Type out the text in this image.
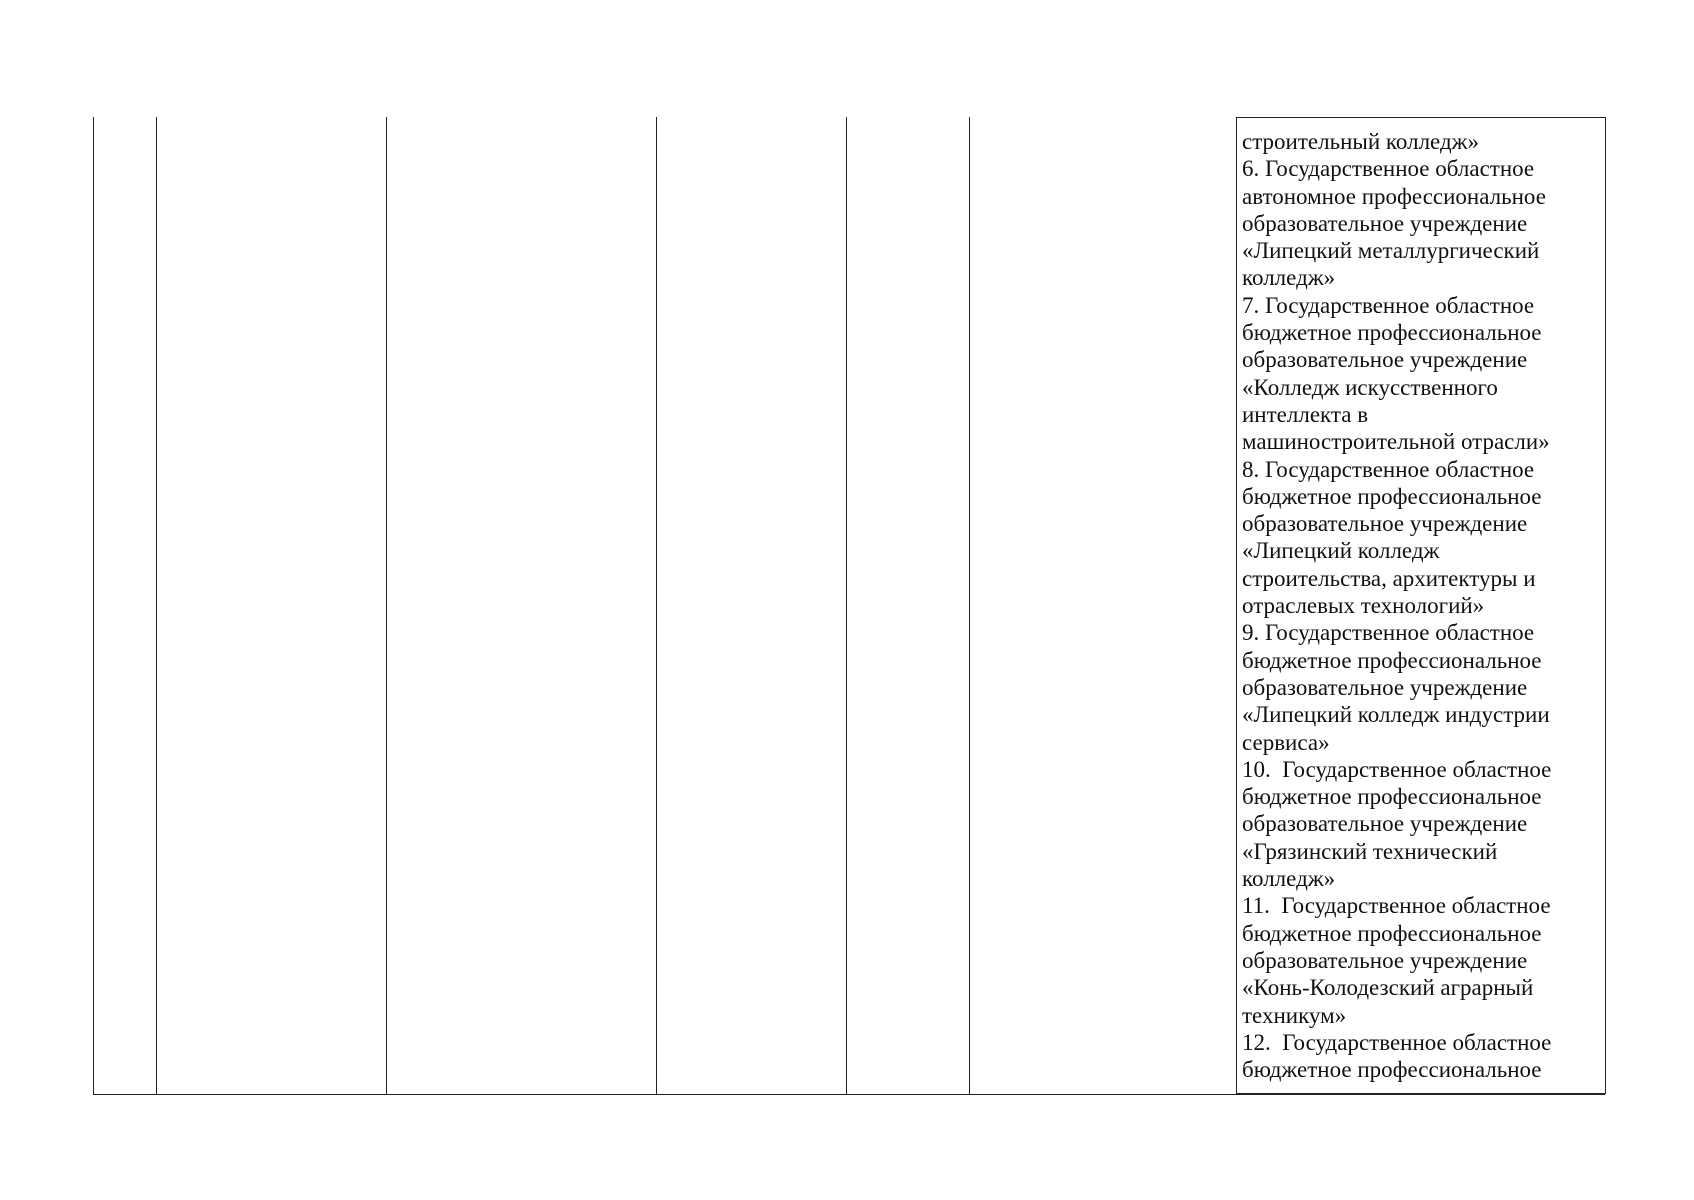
строительный колледж»
6. Государственное областное
автономное профессиональное
образовательное учреждение
«Липецкий металлургический
колледж»
7. Государственное областное
бюджетное профессиональное
образовательное учреждение
«Колледж искусственного
интеллекта в
машиностроительной отрасли»
8. Государственное областное
бюджетное профессиональное
образовательное учреждение
«Липецкий колледж
строительства, архитектуры и
отраслевых технологий»
9. Государственное областное
бюджетное профессиональное
образовательное учреждение
«Липецкий колледж индустрии
сервиса»
10.  Государственное областное
бюджетное профессиональное
образовательное учреждение
«Грязинский технический
колледж»
11.  Государственное областное
бюджетное профессиональное
образовательное учреждение
«Конь-Колодезский аграрный
техникум»
12.  Государственное областное
бюджетное профессиональное
